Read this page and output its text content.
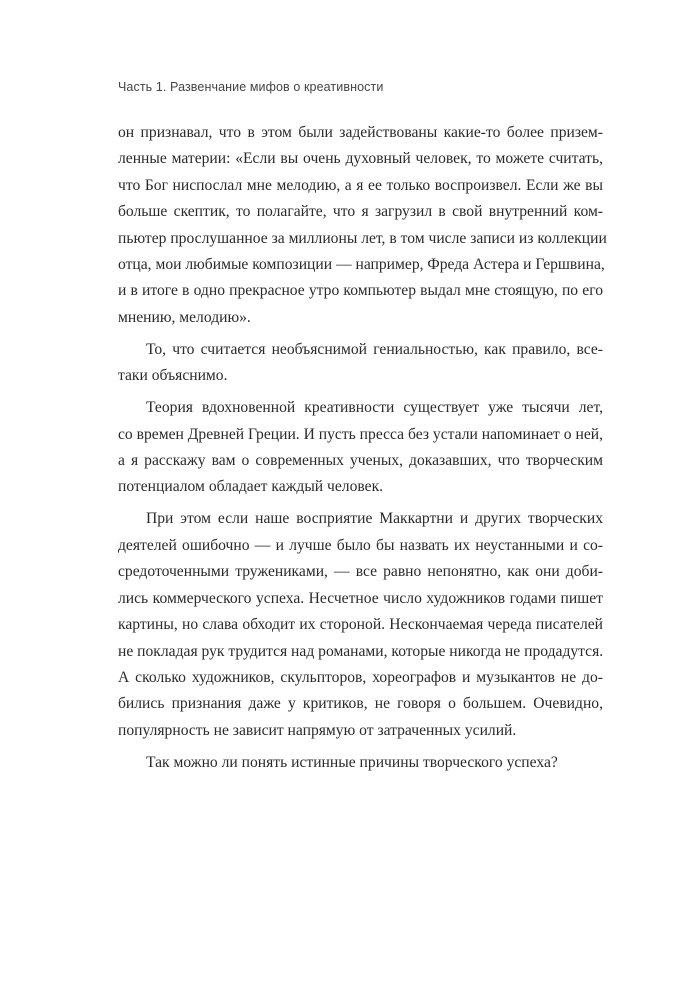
Часть 1. Развенчание мифов о креативности

он признавал, что в этом были задействованы какие-то более призем-
ленные материи: «Если вы очень духовный человек, то можете считать,
что Бог ниспослал мне мелодию, а я ее только воспроизвел. Если же вы
больше скептик, то полагайте, что я загрузил в свой внутренний ком-
пьютер прослушанное за миллионы лет, в том числе записи из коллекции
отца, мои любимые композиции — например, Фреда Астера и Гершвина,
и в итоге в одно прекрасное утро компьютер выдал мне стоящую, по его
мнению, мелодию».

То, что считается необъяснимой гениальностью, как правило, все-
таки объяснимо.

Теория вдохновенной креативности существует уже тысячи лет,
со времен Древней Греции. И пусть пресса без устали напоминает о ней,
а я расскажу вам о современных ученых, доказавших, что творческим
потенциалом обладает каждый человек.

При этом если наше восприятие Маккартни и других творческих
деятелей ошибочно — и лучше было бы назвать их неустанными и со-
средоточенными тружениками, — все равно непонятно, как они доби-
лись коммерческого успеха. Несчетное число художников годами пишет
картины, но слава обходит их стороной. Нескончаемая череда писателей
не покладая рук трудится над романами, которые никогда не продадутся.
А сколько художников, скульпторов, хореографов и музыкантов не до-
бились признания даже у критиков, не говоря о большем. Очевидно,
популярность не зависит напрямую от затраченных усилий.

Так можно ли понять истинные причины творческого успеха?
